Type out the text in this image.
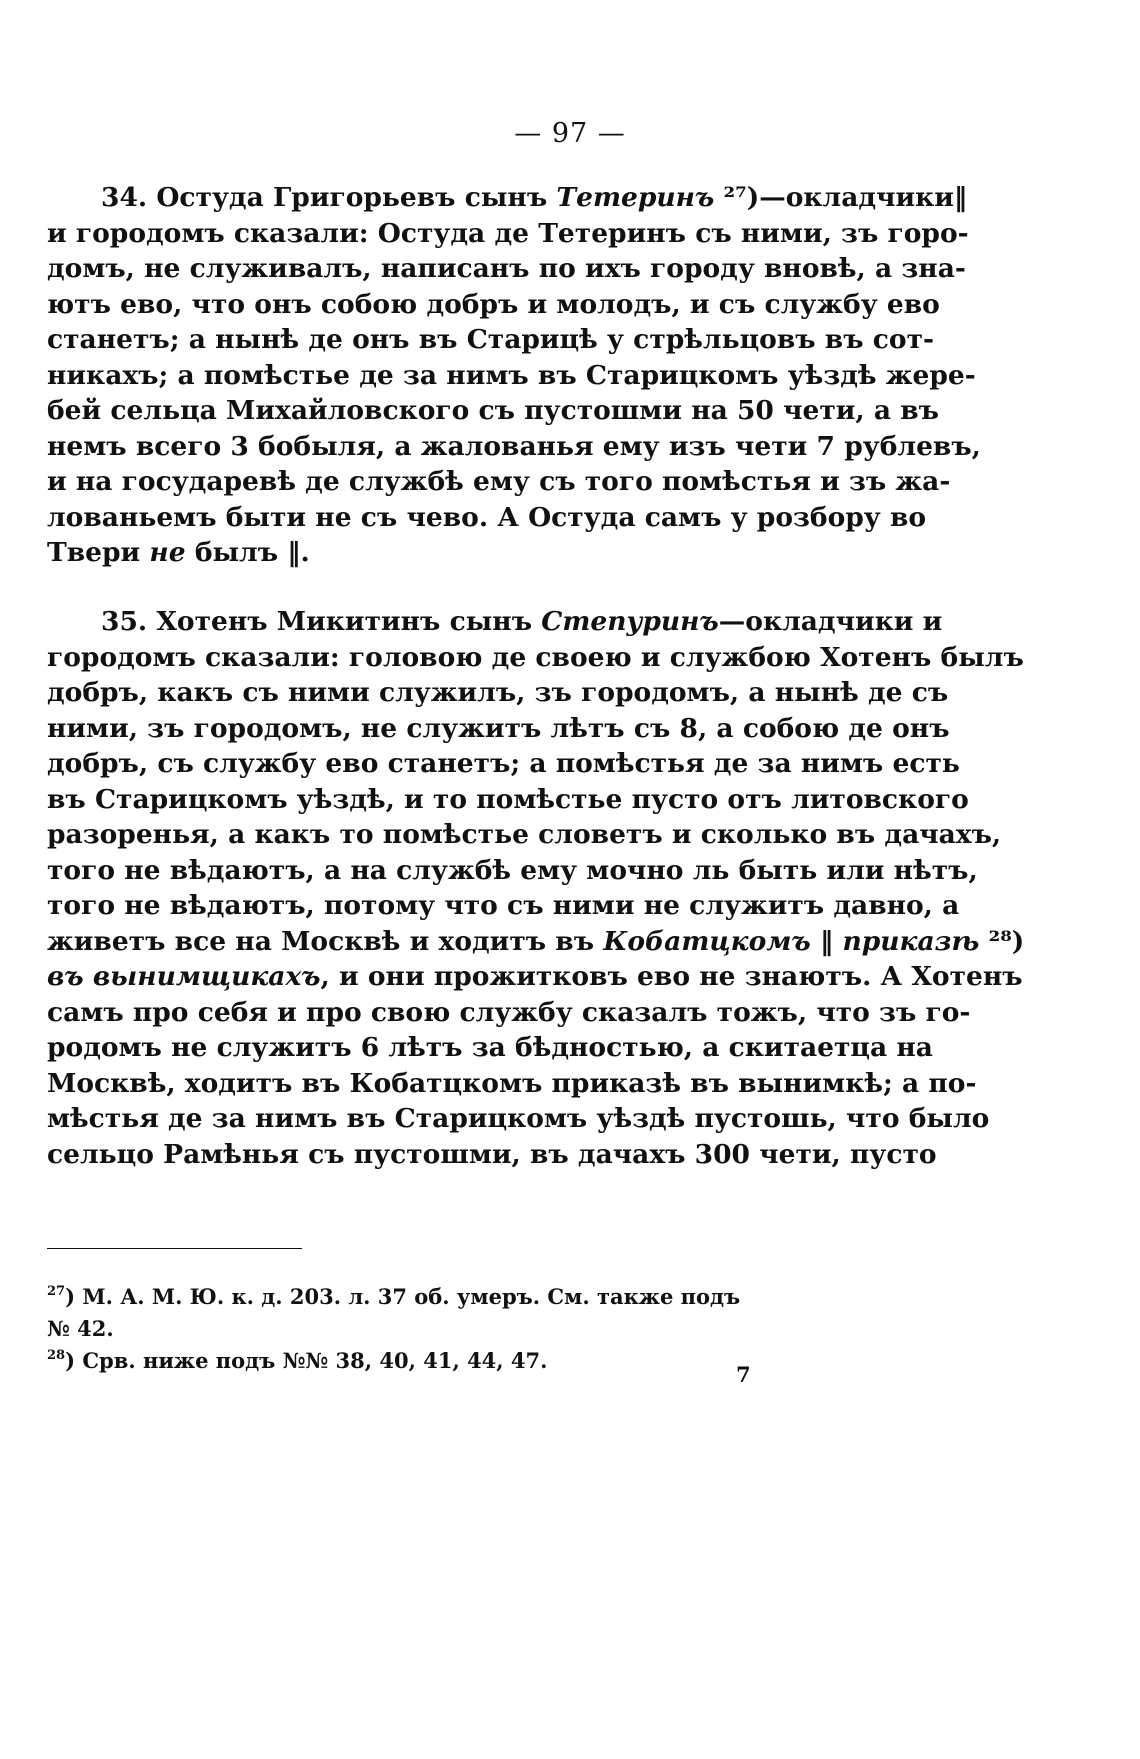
— 97 —
34. Остуда Григорьевъ сынъ Тетеринъ ²⁷)—окладчики‖
и городомъ сказали: Остуда де Тетеринъ съ ними, зъ горо-
домъ, не служивалъ, написанъ по ихъ городу вновѣ, а зна-
ютъ ево, что онъ собою добръ и молодъ, и съ службу ево
станетъ; а нынѣ де онъ въ Старицѣ у стрѣльцовъ въ сот-
никахъ; а помѣстье де за нимъ въ Старицкомъ уѣздѣ жере-
бей сельца Михайловского съ пустошми на 50 чети, а въ
немъ всего 3 бобыля, а жалованья ему изъ чети 7 рублевъ,
и на государевѣ де службѣ ему съ того помѣстья и зъ жа-
лованьемъ быти не съ чево. А Остуда самъ у розбору во
Твери не былъ ‖.
35. Хотенъ Микитинъ сынъ Степуринъ—окладчики и
городомъ сказали: головою де своею и службою Хотенъ былъ
добръ, какъ съ ними служилъ, зъ городомъ, а нынѣ де съ
ними, зъ городомъ, не служитъ лѣтъ съ 8, а собою де онъ
добръ, съ службу ево станетъ; а помѣстья де за нимъ есть
въ Старицкомъ уѣздѣ, и то помѣстье пусто отъ литовского
разоренья, а какъ то помѣстье словетъ и сколько въ дачахъ,
того не вѣдаютъ, а на службѣ ему мочно ль быть или нѣтъ,
того не вѣдаютъ, потому что съ ними не служитъ давно, а
живетъ все на Москвѣ и ходитъ въ Кобатцкомъ ‖ приказѣ ²⁸)
въ вынимщикахъ, и они прожитковъ ево не знаютъ. А Хотенъ
самъ про себя и про свою службу сказалъ тожъ, что зъ го-
родомъ не служитъ 6 лѣтъ за бѣдностью, а скитаетца на
Москвѣ, ходитъ въ Кобатцкомъ приказѣ въ вынимкѣ; а по-
мѣстья де за нимъ въ Старицкомъ уѣздѣ пустошь, что было
сельцо Рамѣнья съ пустошми, въ дачахъ 300 чети, пусто
$^{27}$) М. А. М. Ю. к. д. 203. л. 37 об. умеръ. См. также подъ
№ 42.
$^{28}$) Срв. ниже подъ №№ 38, 40, 41, 44, 47.
7
